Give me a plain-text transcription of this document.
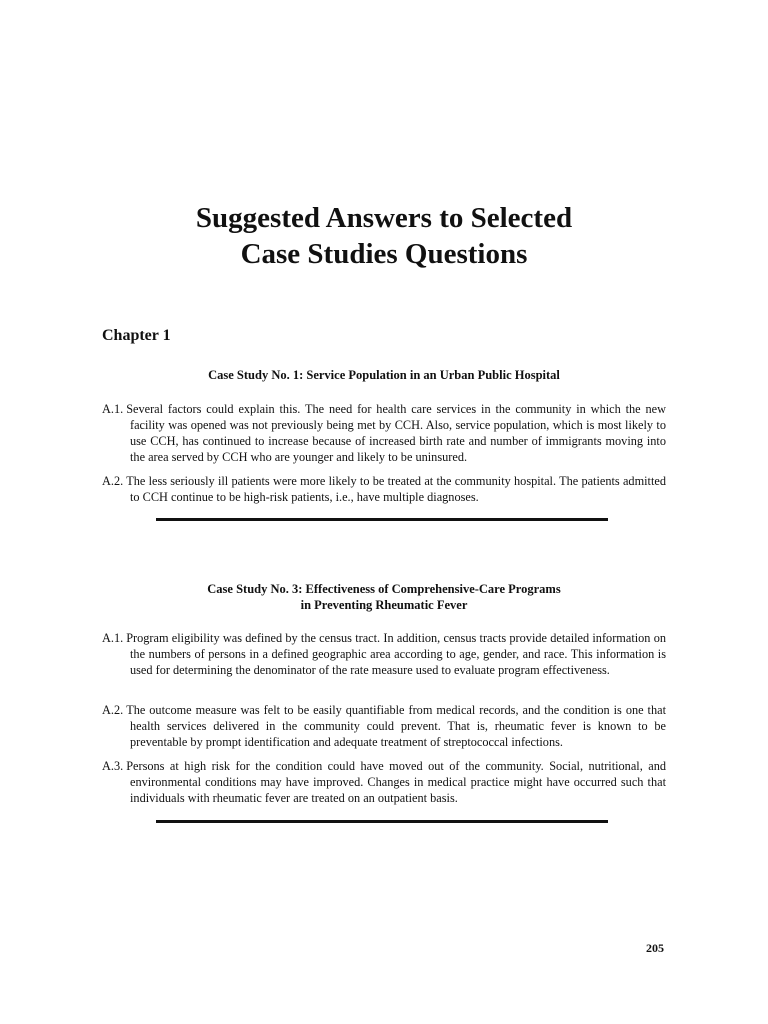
Suggested Answers to Selected
Case Studies Questions
Chapter 1
Case Study No. 1: Service Population in an Urban Public Hospital
A.1. Several factors could explain this. The need for health care services in the community in which the new facility was opened was not previously being met by CCH. Also, service population, which is most likely to use CCH, has continued to increase because of increased birth rate and number of immigrants moving into the area served by CCH who are younger and likely to be uninsured.
A.2. The less seriously ill patients were more likely to be treated at the community hospital. The patients admitted to CCH continue to be high-risk patients, i.e., have multiple diagnoses.
Case Study No. 3: Effectiveness of Comprehensive-Care Programs
in Preventing Rheumatic Fever
A.1. Program eligibility was defined by the census tract. In addition, census tracts provide detailed information on the numbers of persons in a defined geographic area according to age, gender, and race. This information is used for determining the denominator of the rate measure used to evaluate program effectiveness.
A.2. The outcome measure was felt to be easily quantifiable from medical records, and the condition is one that health services delivered in the community could prevent. That is, rheumatic fever is known to be preventable by prompt identification and adequate treatment of streptococcal infections.
A.3. Persons at high risk for the condition could have moved out of the community. Social, nutritional, and environmental conditions may have improved. Changes in medical practice might have occurred such that individuals with rheumatic fever are treated on an outpatient basis.
205
